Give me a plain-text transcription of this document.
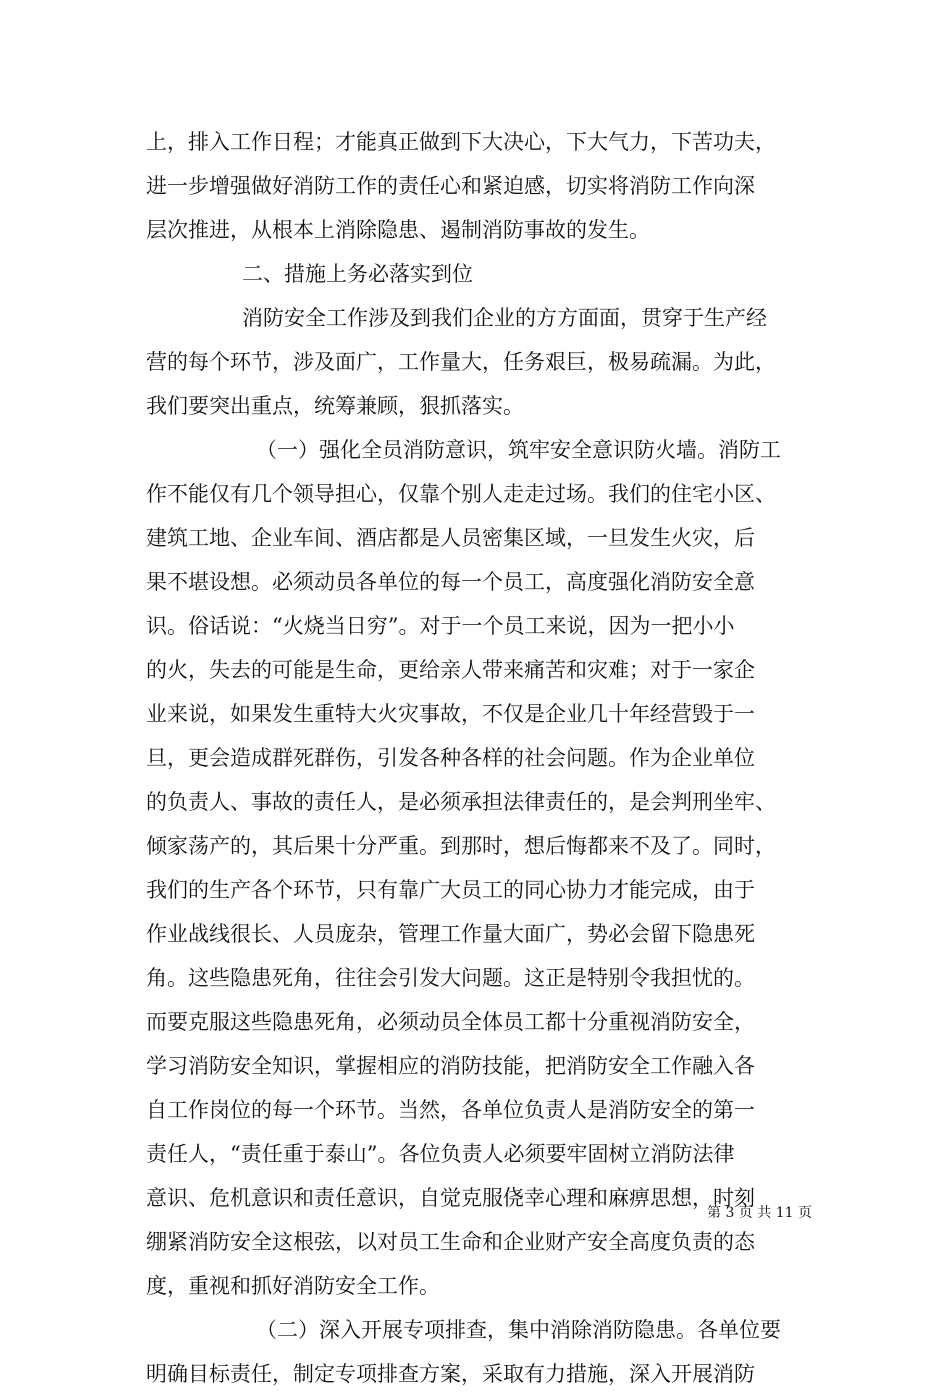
上，排入工作日程；才能真正做到下大决心，下大气力，下苦功夫，
进一步增强做好消防工作的责任心和紧迫感，切实将消防工作向深
层次推进，从根本上消除隐患、遏制消防事故的发生。
二、措施上务必落实到位
消防安全工作涉及到我们企业的方方面面，贯穿于生产经
营的每个环节，涉及面广，工作量大，任务艰巨，极易疏漏。为此，
我们要突出重点，统筹兼顾，狠抓落实。
（一）强化全员消防意识，筑牢安全意识防火墙。消防工
作不能仅有几个领导担心，仅靠个别人走走过场。我们的住宅小区、
建筑工地、企业车间、酒店都是人员密集区域，一旦发生火灾，后
果不堪设想。必须动员各单位的每一个员工，高度强化消防安全意
识。俗话说：“火烧当日穷”。对于一个员工来说，因为一把小小
的火，失去的可能是生命，更给亲人带来痛苦和灾难；对于一家企
业来说，如果发生重特大火灾事故，不仅是企业几十年经营毁于一
旦，更会造成群死群伤，引发各种各样的社会问题。作为企业单位
的负责人、事故的责任人，是必须承担法律责任的，是会判刑坐牢、
倾家荡产的，其后果十分严重。到那时，想后悔都来不及了。同时，
我们的生产各个环节，只有靠广大员工的同心协力才能完成，由于
作业战线很长、人员庞杂，管理工作量大面广，势必会留下隐患死
角。这些隐患死角，往往会引发大问题。这正是特别令我担忧的。
而要克服这些隐患死角，必须动员全体员工都十分重视消防安全，
学习消防安全知识，掌握相应的消防技能，把消防安全工作融入各
自工作岗位的每一个环节。当然，各单位负责人是消防安全的第一
责任人，“责任重于泰山”。各位负责人必须要牢固树立消防法律
意识、危机意识和责任意识，自觉克服侥幸心理和麻痹思想，时刻
绷紧消防安全这根弦，以对员工生命和企业财产安全高度负责的态
度，重视和抓好消防安全工作。
（二）深入开展专项排查，集中消除消防隐患。各单位要
明确目标责任，制定专项排查方案，采取有力措施，深入开展消防
第 3 页 共 11 页
